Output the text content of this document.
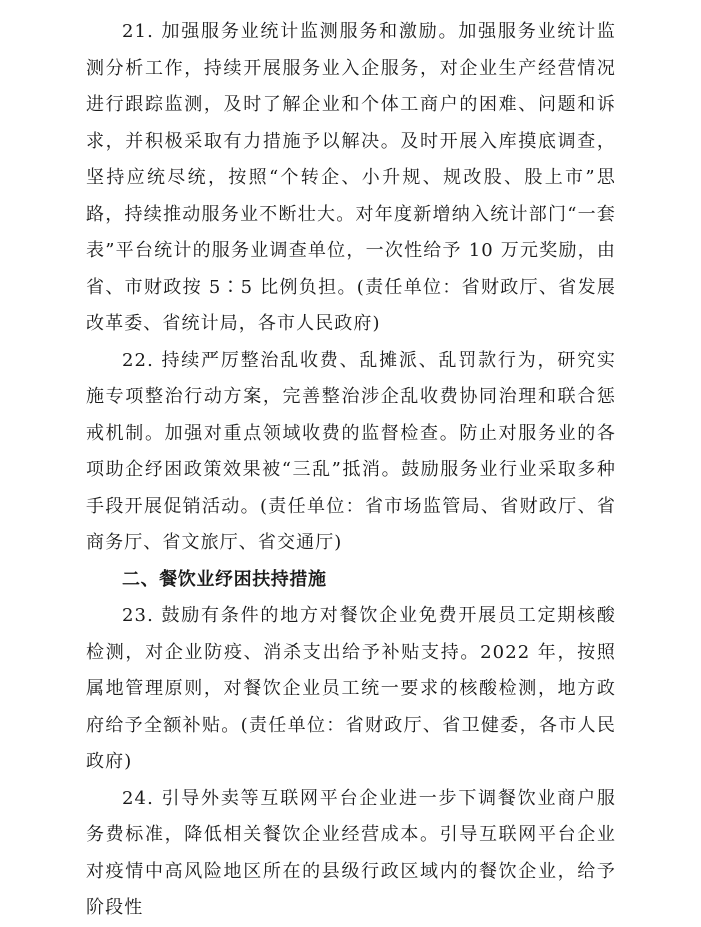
21. 加强服务业统计监测服务和激励。加强服务业统计监测分析工作，持续开展服务业入企服务，对企业生产经营情况进行跟踪监测，及时了解企业和个体工商户的困难、问题和诉求，并积极采取有力措施予以解决。及时开展入库摸底调查，坚持应统尽统，按照“个转企、小升规、规改股、股上市”思路，持续推动服务业不断壮大。对年度新增纳入统计部门“一套表”平台统计的服务业调查单位，一次性给予 10 万元奖励，由省、市财政按 5∶5 比例负担。(责任单位：省财政厅、省发展改革委、省统计局，各市人民政府)

22. 持续严厉整治乱收费、乱摊派、乱罚款行为，研究实施专项整治行动方案，完善整治涉企乱收费协同治理和联合惩戒机制。加强对重点领域收费的监督检查。防止对服务业的各项助企纾困政策效果被“三乱”抵消。鼓励服务业行业采取多种手段开展促销活动。(责任单位：省市场监管局、省财政厅、省商务厅、省文旅厅、省交通厅)

二、餐饮业纾困扶持措施

23. 鼓励有条件的地方对餐饮企业免费开展员工定期核酸检测，对企业防疫、消杀支出给予补贴支持。2022 年，按照属地管理原则，对餐饮企业员工统一要求的核酸检测，地方政府给予全额补贴。(责任单位：省财政厅、省卫健委，各市人民政府)

24. 引导外卖等互联网平台企业进一步下调餐饮业商户服务费标准，降低相关餐饮企业经营成本。引导互联网平台企业对疫情中高风险地区所在的县级行政区域内的餐饮企业，给予阶段性
